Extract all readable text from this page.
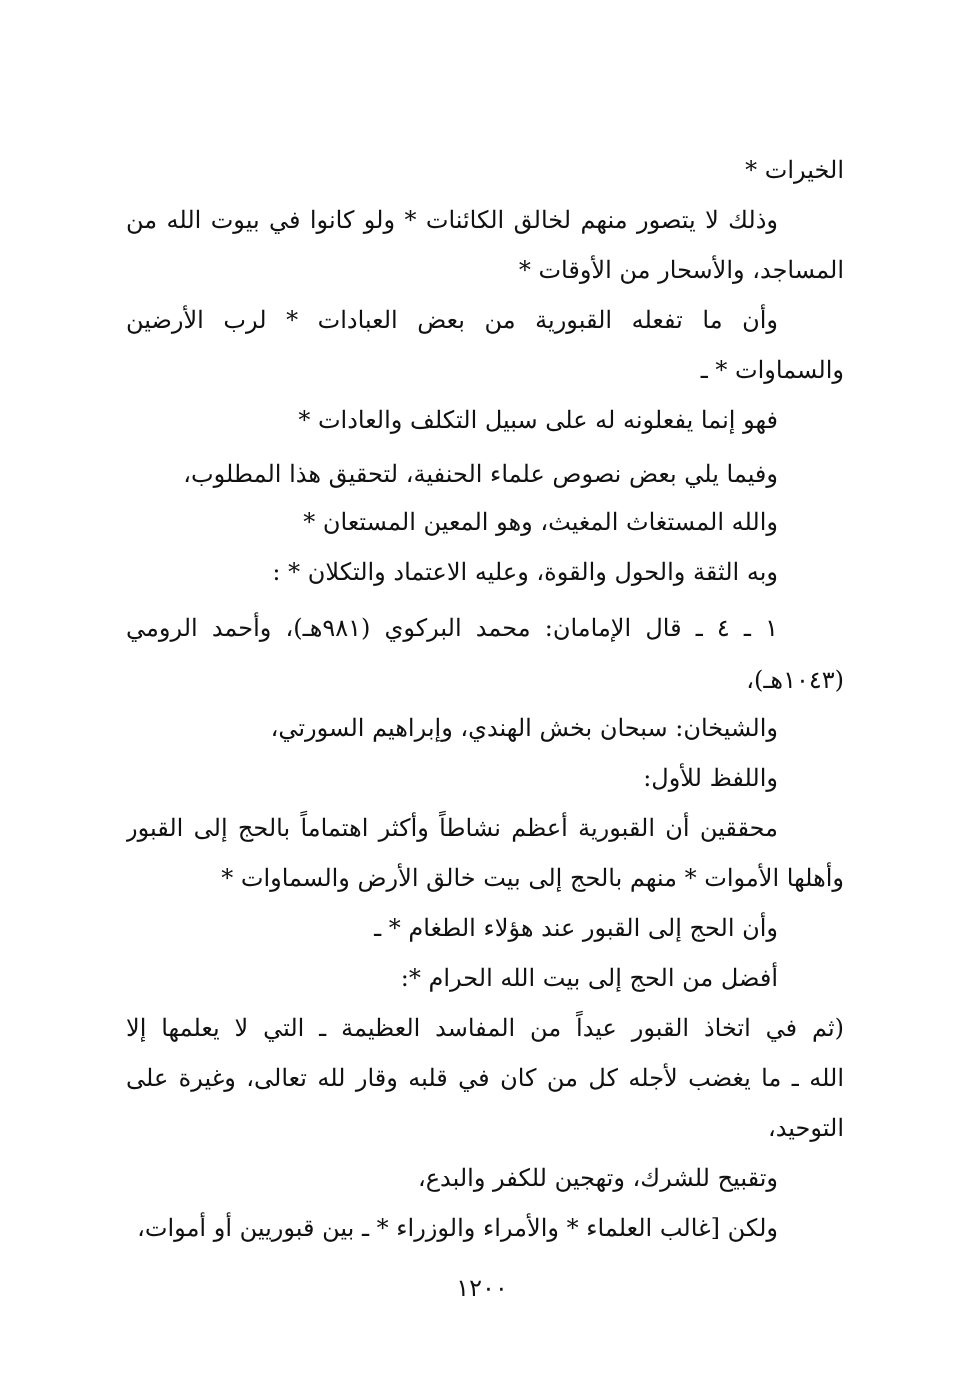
الخيرات *
وذلك لا يتصور منهم لخالق الكائنات * ولو كانوا في بيوت الله من
المساجد، والأسحار من الأوقات *
وأن ما تفعله القبورية من بعض العبادات * لرب الأرضين
والسماوات * ـ
فهو إنما يفعلونه له على سبيل التكلف والعادات *
وفيما يلي بعض نصوص علماء الحنفية، لتحقيق هذا المطلوب،
والله المستغاث المغيث، وهو المعين المستعان *
وبه الثقة والحول والقوة، وعليه الاعتماد والتكلان * :
١ ـ ٤ ـ قال الإمامان: محمد البركوي (٩٨١هـ)، وأحمد الرومي
(١٠٤٣هـ)،
والشيخان: سبحان بخش الهندي، وإبراهيم السورتي،
واللفظ للأول:
محققين أن القبورية أعظم نشاطاً وأكثر اهتماماً بالحج إلى القبور
وأهلها الأموات * منهم بالحج إلى بيت خالق الأرض والسماوات *
وأن الحج إلى القبور عند هؤلاء الطغام * ـ
أفضل من الحج إلى بيت الله الحرام *:
(ثم في اتخاذ القبور عيداً من المفاسد العظيمة ـ التي لا يعلمها إلا
الله ـ ما يغضب لأجله كل من كان في قلبه وقار لله تعالى، وغيرة على
التوحيد،
وتقبيح للشرك، وتهجين للكفر والبدع،
ولكن [غالب العلماء * والأمراء والوزراء * ـ بين قبوريين أو أموات،
١٢٠٠
